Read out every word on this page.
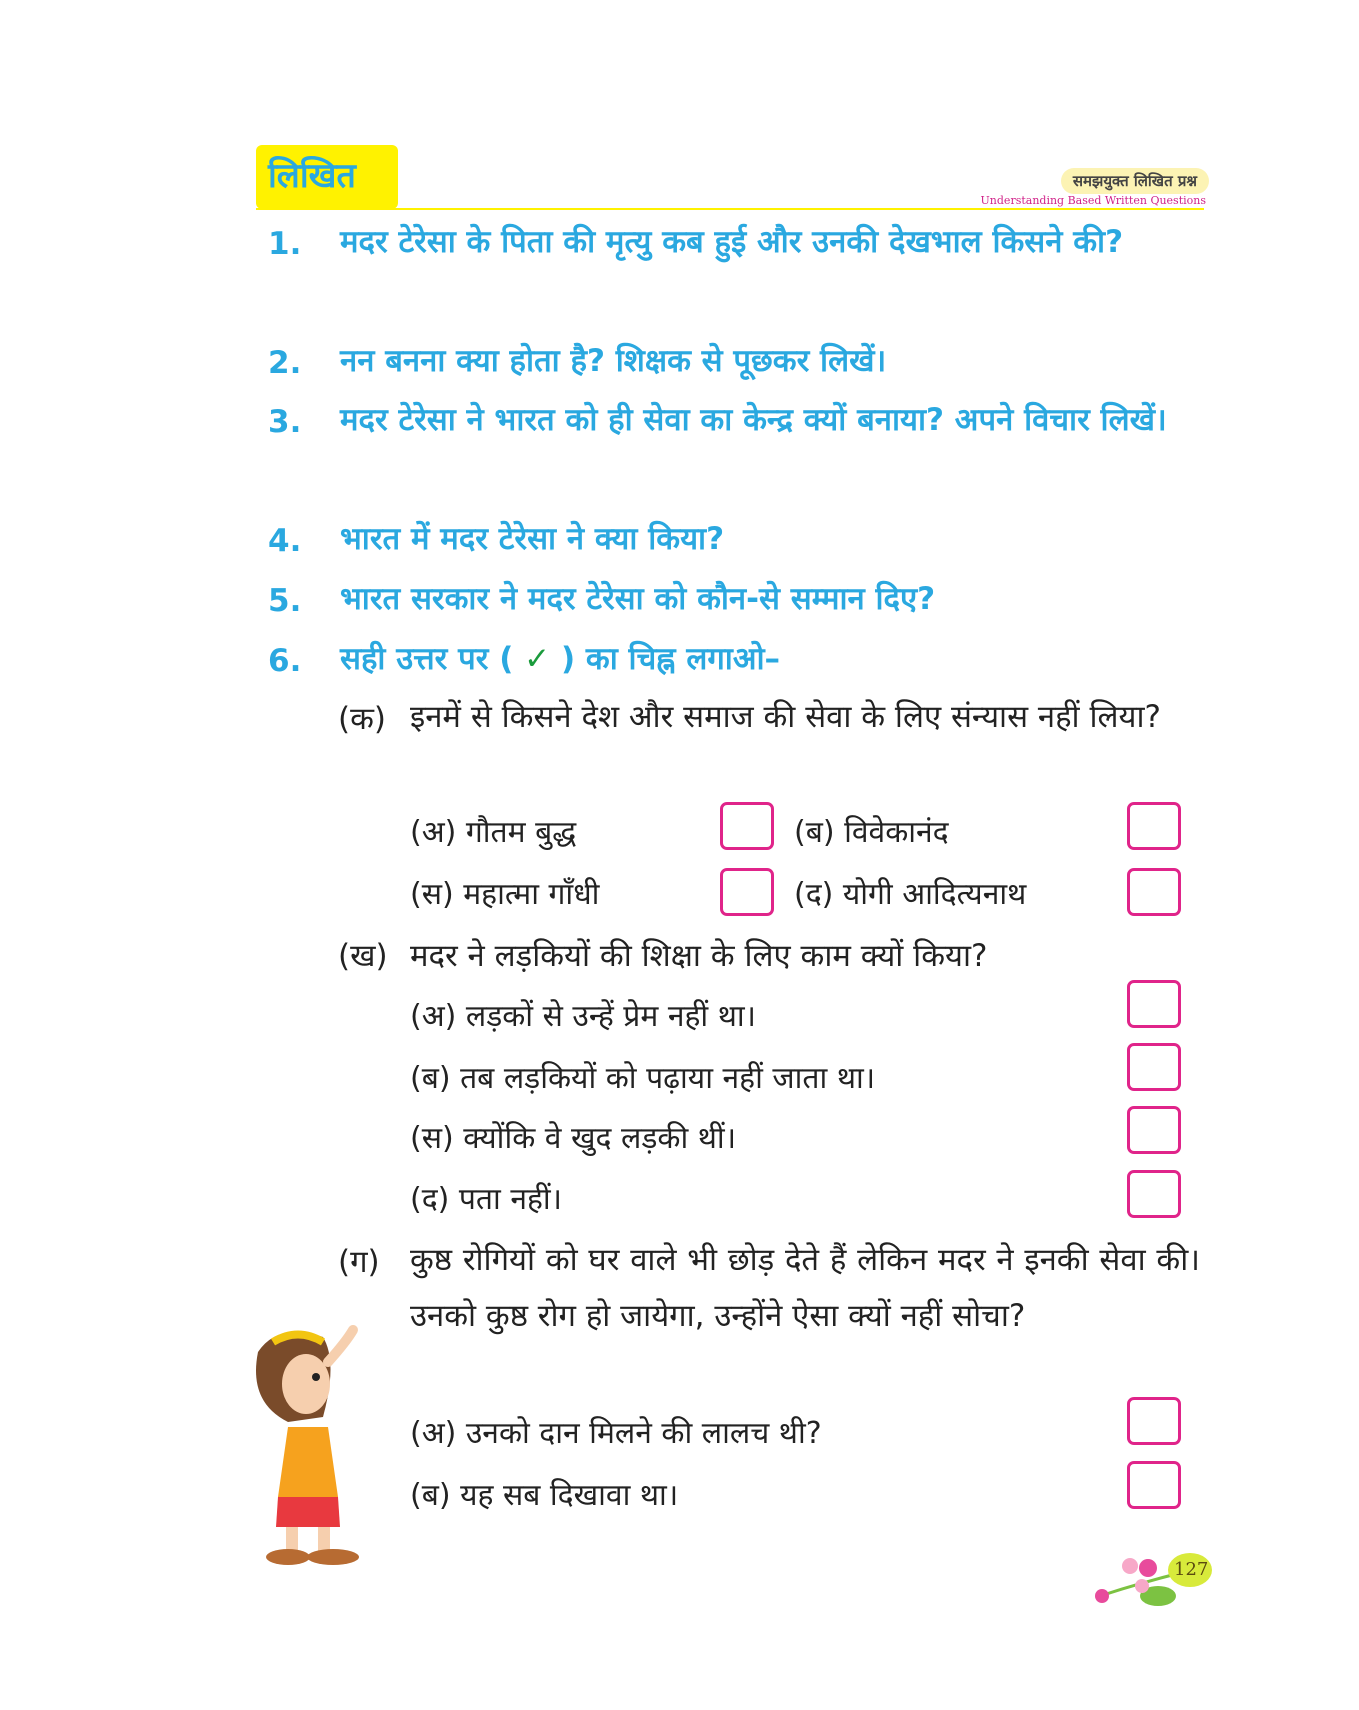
लिखित	समझयुक्त लिखित प्रश्न
Understanding Based Written Questions
1. मदर टेरेसा के पिता की मृत्यु कब हुई और उनकी देखभाल किसने की?
2. नन बनना क्या होता है? शिक्षक से पूछकर लिखें।
3. मदर टेरेसा ने भारत को ही सेवा का केन्द्र क्यों बनाया? अपने विचार लिखें।
4. भारत में मदर टेरेसा ने क्या किया?
5. भारत सरकार ने मदर टेरेसा को कौन-से सम्मान दिए?
6. सही उत्तर पर ( ✓ ) का चिह्न लगाओ–
(क) इनमें से किसने देश और समाज की सेवा के लिए संन्यास नहीं लिया?
(अ) गौतम बुद्ध	(ब) विवेकानंद
(स) महात्मा गाँधी	(द) योगी आदित्यनाथ
(ख) मदर ने लड़कियों की शिक्षा के लिए काम क्यों किया?
(अ) लड़कों से उन्हें प्रेम नहीं था।
(ब) तब लड़कियों को पढ़ाया नहीं जाता था।
(स) क्योंकि वे खुद लड़की थीं।
(द) पता नहीं।
(ग) कुष्ठ रोगियों को घर वाले भी छोड़ देते हैं लेकिन मदर ने इनकी सेवा की। उनको कुष्ठ रोग हो जायेगा, उन्होंने ऐसा क्यों नहीं सोचा?
(अ) उनको दान मिलने की लालच थी?
(ब) यह सब दिखावा था।
127
